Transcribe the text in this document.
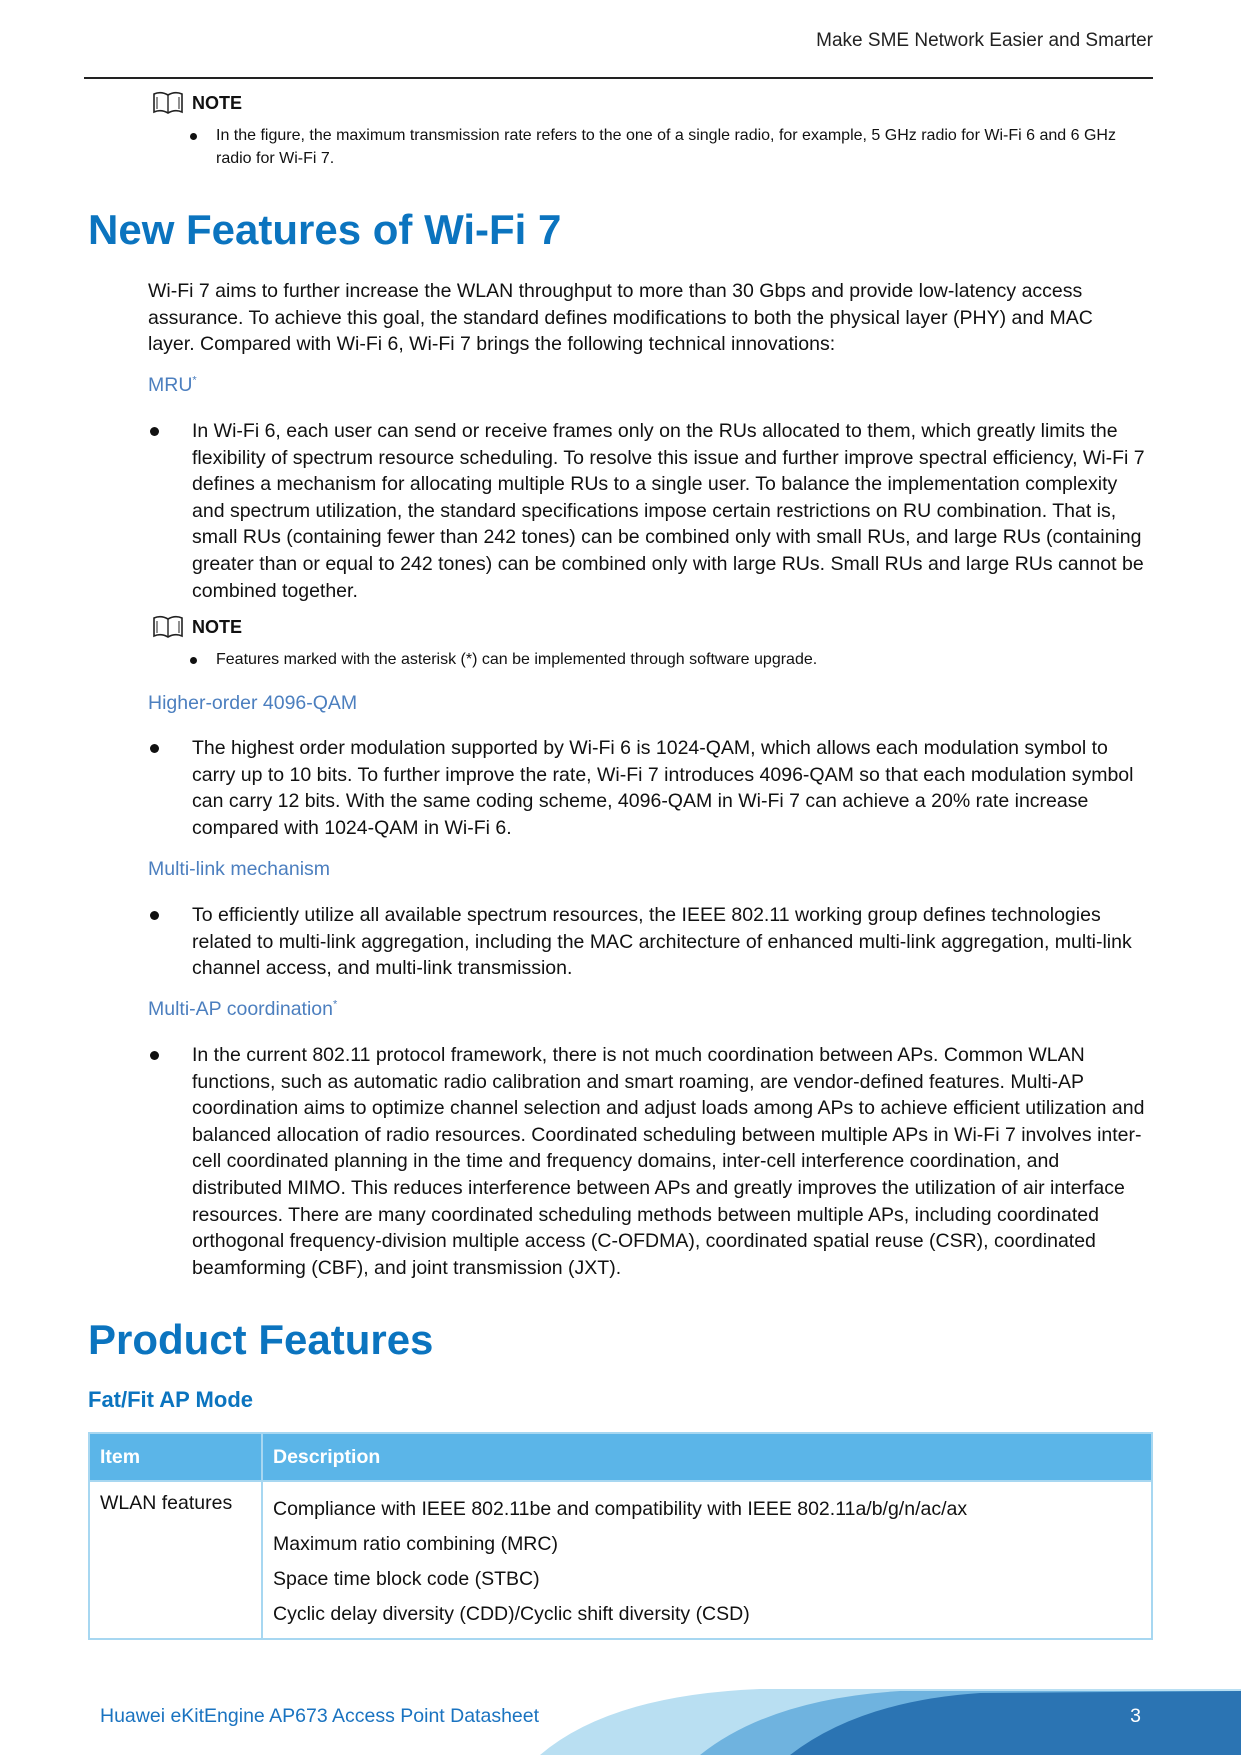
Make SME Network Easier and Smarter
NOTE
In the figure, the maximum transmission rate refers to the one of a single radio, for example, 5 GHz radio for Wi-Fi 6 and 6 GHz radio for Wi-Fi 7.
New Features of Wi-Fi 7

Wi-Fi 7 aims to further increase the WLAN throughput to more than 30 Gbps and provide low-latency access assurance. To achieve this goal, the standard defines modifications to both the physical layer (PHY) and MAC layer. Compared with Wi-Fi 6, Wi-Fi 7 brings the following technical innovations:

MRU*

In Wi-Fi 6, each user can send or receive frames only on the RUs allocated to them, which greatly limits the flexibility of spectrum resource scheduling. To resolve this issue and further improve spectral efficiency, Wi-Fi 7 defines a mechanism for allocating multiple RUs to a single user. To balance the implementation complexity and spectrum utilization, the standard specifications impose certain restrictions on RU combination. That is, small RUs (containing fewer than 242 tones) can be combined only with small RUs, and large RUs (containing greater than or equal to 242 tones) can be combined only with large RUs. Small RUs and large RUs cannot be combined together.
NOTE
Features marked with the asterisk (*) can be implemented through software upgrade.

Higher-order 4096-QAM

The highest order modulation supported by Wi-Fi 6 is 1024-QAM, which allows each modulation symbol to carry up to 10 bits. To further improve the rate, Wi-Fi 7 introduces 4096-QAM so that each modulation symbol can carry 12 bits. With the same coding scheme, 4096-QAM in Wi-Fi 7 can achieve a 20% rate increase compared with 1024-QAM in Wi-Fi 6.

Multi-link mechanism

To efficiently utilize all available spectrum resources, the IEEE 802.11 working group defines technologies related to multi-link aggregation, including the MAC architecture of enhanced multi-link aggregation, multi-link channel access, and multi-link transmission.

Multi-AP coordination*

In the current 802.11 protocol framework, there is not much coordination between APs. Common WLAN functions, such as automatic radio calibration and smart roaming, are vendor-defined features. Multi-AP coordination aims to optimize channel selection and adjust loads among APs to achieve efficient utilization and balanced allocation of radio resources. Coordinated scheduling between multiple APs in Wi-Fi 7 involves inter-cell coordinated planning in the time and frequency domains, inter-cell interference coordination, and distributed MIMO. This reduces interference between APs and greatly improves the utilization of air interface resources. There are many coordinated scheduling methods between multiple APs, including coordinated orthogonal frequency-division multiple access (C-OFDMA), coordinated spatial reuse (CSR), coordinated beamforming (CBF), and joint transmission (JXT).
Product Features
Fat/Fit AP Mode
Item	Description
WLAN features	Compliance with IEEE 802.11be and compatibility with IEEE 802.11a/b/g/n/ac/ax
Maximum ratio combining (MRC)
Space time block code (STBC)
Cyclic delay diversity (CDD)/Cyclic shift diversity (CSD)
Huawei eKitEngine AP673 Access Point Datasheet	3
